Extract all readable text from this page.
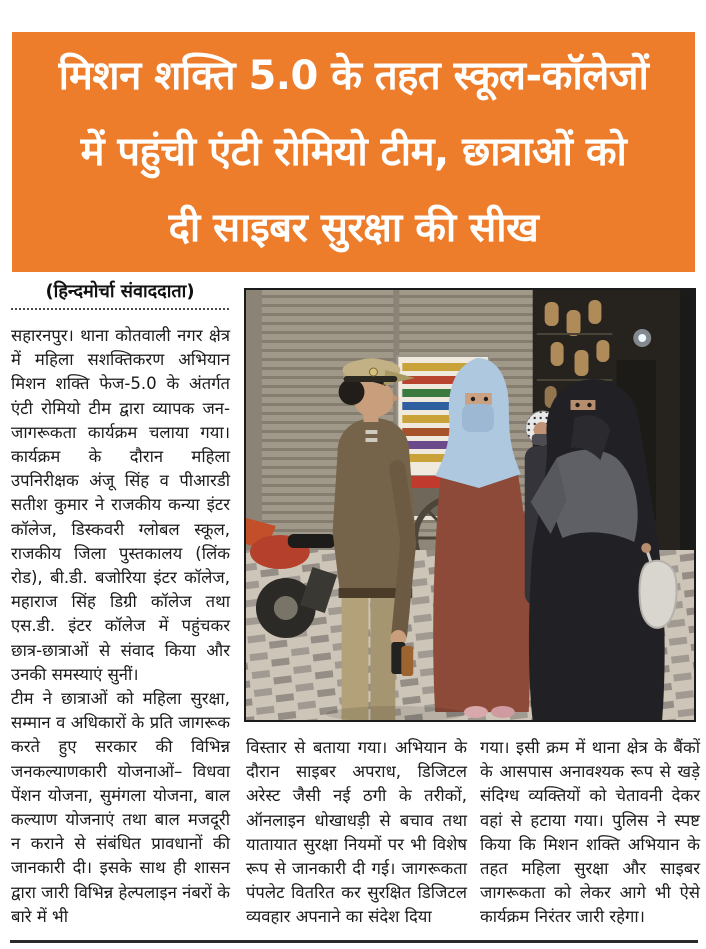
मिशन शक्ति 5.0 के तहत स्कूल-कॉलेजों
में पहुंची एंटी रोमियो टीम, छात्राओं को
दी साइबर सुरक्षा की सीख
(हिन्दमोर्चा संवाददाता)

सहारनपुर। थाना कोतवाली नगर क्षेत्र में महिला सशक्तिकरण अभियान मिशन शक्ति फेज-5.0 के अंतर्गत एंटी रोमियो टीम द्वारा व्यापक जन-जागरूकता कार्यक्रम चलाया गया। कार्यक्रम के दौरान महिला उपनिरीक्षक अंजू सिंह व पीआरडी सतीश कुमार ने राजकीय कन्या इंटर कॉलेज, डिस्कवरी ग्लोबल स्कूल, राजकीय जिला पुस्तकालय (लिंक रोड), बी.डी. बजोरिया इंटर कॉलेज, महाराज सिंह डिग्री कॉलेज तथा एस.डी. इंटर कॉलेज में पहुंचकर छात्र-छात्राओं से संवाद किया और उनकी समस्याएं सुनीं।

टीम ने छात्राओं को महिला सुरक्षा, सम्मान व अधिकारों के प्रति जागरूक करते हुए सरकार की विभिन्न जनकल्याणकारी योजनाओं– विधवा पेंशन योजना, सुमंगला योजना, बाल कल्याण योजनाएं तथा बाल मजदूरी न कराने से संबंधित प्रावधानों की जानकारी दी। इसके साथ ही शासन द्वारा जारी विभिन्न हेल्पलाइन नंबरों के बारे में भी

विस्तार से बताया गया। अभियान के दौरान साइबर अपराध, डिजिटल अरेस्ट जैसी नई ठगी के तरीकों, ऑनलाइन धोखाधड़ी से बचाव तथा यातायात सुरक्षा नियमों पर भी विशेष रूप से जानकारी दी गई। जागरूकता पंपलेट वितरित कर सुरक्षित डिजिटल व्यवहार अपनाने का संदेश दिया

गया। इसी क्रम में थाना क्षेत्र के बैंकों के आसपास अनावश्यक रूप से खड़े संदिग्ध व्यक्तियों को चेतावनी देकर वहां से हटाया गया। पुलिस ने स्पष्ट किया कि मिशन शक्ति अभियान के तहत महिला सुरक्षा और साइबर जागरूकता को लेकर आगे भी ऐसे कार्यक्रम निरंतर जारी रहेगा।
